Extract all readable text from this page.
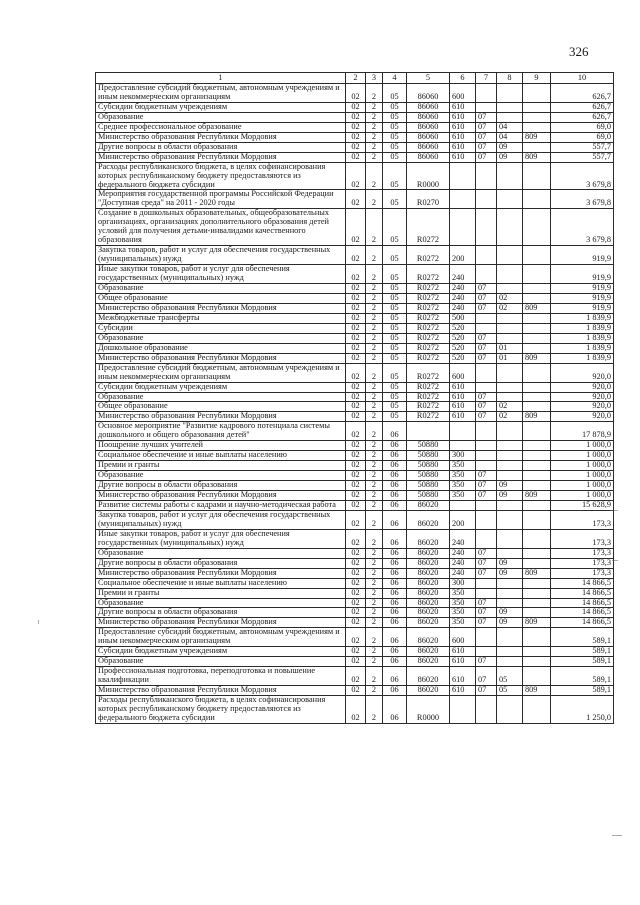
326
1	2	3	4	5	6	7	8	9	10
Предоставление субсидий бюджетным, автономным учреждениям и иным некоммерческим организациям	02	2	05	86060	600				626,7
Субсидии бюджетным учреждениям	02	2	05	86060	610				626,7
Образование	02	2	05	86060	610	07			626,7
Среднее профессиональное образование	02	2	05	86060	610	07	04		69,0
Министерство образования Республики Мордовия	02	2	05	86060	610	07	04	809	69,0
Другие вопросы в области образования	02	2	05	86060	610	07	09		557,7
Министерство образования Республики Мордовия	02	2	05	86060	610	07	09	809	557,7
Расходы республиканского бюджета, в целях софинансирования которых республиканскому бюджету предоставляются из федерального бюджета субсидии	02	2	05	R0000					3 679,8
Мероприятия государственной программы Российской Федерации "Доступная среда" на 2011 - 2020 годы	02	2	05	R0270					3 679,8
Создание в дошкольных образовательных, общеобразовательных организациях, организациях дополнительного образования детей условий для получения детьми-инвалидами качественного образования	02	2	05	R0272					3 679,8
Закупка товаров, работ и услуг для обеспечения государственных (муниципальных) нужд	02	2	05	R0272	200				919,9
Иные закупки товаров, работ и услуг для обеспечения государственных (муниципальных) нужд	02	2	05	R0272	240				919,9
Образование	02	2	05	R0272	240	07			919,9
Общее образование	02	2	05	R0272	240	07	02		919,9
Министерство образования Республики Мордовия	02	2	05	R0272	240	07	02	809	919,9
Межбюджетные трансферты	02	2	05	R0272	500				1 839,9
Субсидии	02	2	05	R0272	520				1 839,9
Образование	02	2	05	R0272	520	07			1 839,9
Дошкольное образование	02	2	05	R0272	520	07	01		1 839,9
Министерство образования Республики Мордовия	02	2	05	R0272	520	07	01	809	1 839,9
Предоставление субсидий бюджетным, автономным учреждениям и иным некоммерческим организациям	02	2	05	R0272	600				920,0
Субсидии бюджетным учреждениям	02	2	05	R0272	610				920,0
Образование	02	2	05	R0272	610	07			920,0
Общее образование	02	2	05	R0272	610	07	02		920,0
Министерство образования Республики Мордовия	02	2	05	R0272	610	07	02	809	920,0
Основное мероприятие "Развитие кадрового потенциала системы дошкольного и общего образования детей"	02	2	06						17 878,9
Поощрение лучших учителей	02	2	06	50880					1 000,0
Социальное обеспечение и иные выплаты населению	02	2	06	50880	300				1 000,0
Премии и гранты	02	2	06	50880	350				1 000,0
Образование	02	2	06	50880	350	07			1 000,0
Другие вопросы в области образования	02	2	06	50880	350	07	09		1 000,0
Министерство образования Республики Мордовия	02	2	06	50880	350	07	09	809	1 000,0
Развитие системы работы с кадрами и научно-методическая работа	02	2	06	86020					15 628,9
Закупка товаров, работ и услуг для обеспечения государственных (муниципальных) нужд	02	2	06	86020	200				173,3
Иные закупки товаров, работ и услуг для обеспечения государственных (муниципальных) нужд	02	2	06	86020	240				173,3
Образование	02	2	06	86020	240	07			173,3
Другие вопросы в области образования	02	2	06	86020	240	07	09		173,3
Министерство образования Республики Мордовия	02	2	06	86020	240	07	09	809	173,3
Социальное обеспечение и иные выплаты населению	02	2	06	86020	300				14 866,5
Премии и гранты	02	2	06	86020	350				14 866,5
Образование	02	2	06	86020	350	07			14 866,5
Другие вопросы в области образования	02	2	06	86020	350	07	09		14 866,5
Министерство образования Республики Мордовия	02	2	06	86020	350	07	09	809	14 866,5
Предоставление субсидий бюджетным, автономным учреждениям и иным некоммерческим организациям	02	2	06	86020	600				589,1
Субсидии бюджетным учреждениям	02	2	06	86020	610				589,1
Образование	02	2	06	86020	610	07			589,1
Профессиональная подготовка, переподготовка и повышение квалификации	02	2	06	86020	610	07	05		589,1
Министерство образования Республики Мордовия	02	2	06	86020	610	07	05	809	589,1
Расходы республиканского бюджета, в целях софинансирования которых республиканскому бюджету предоставляются из федерального бюджета субсидии	02	2	06	R0000					1 250,0
